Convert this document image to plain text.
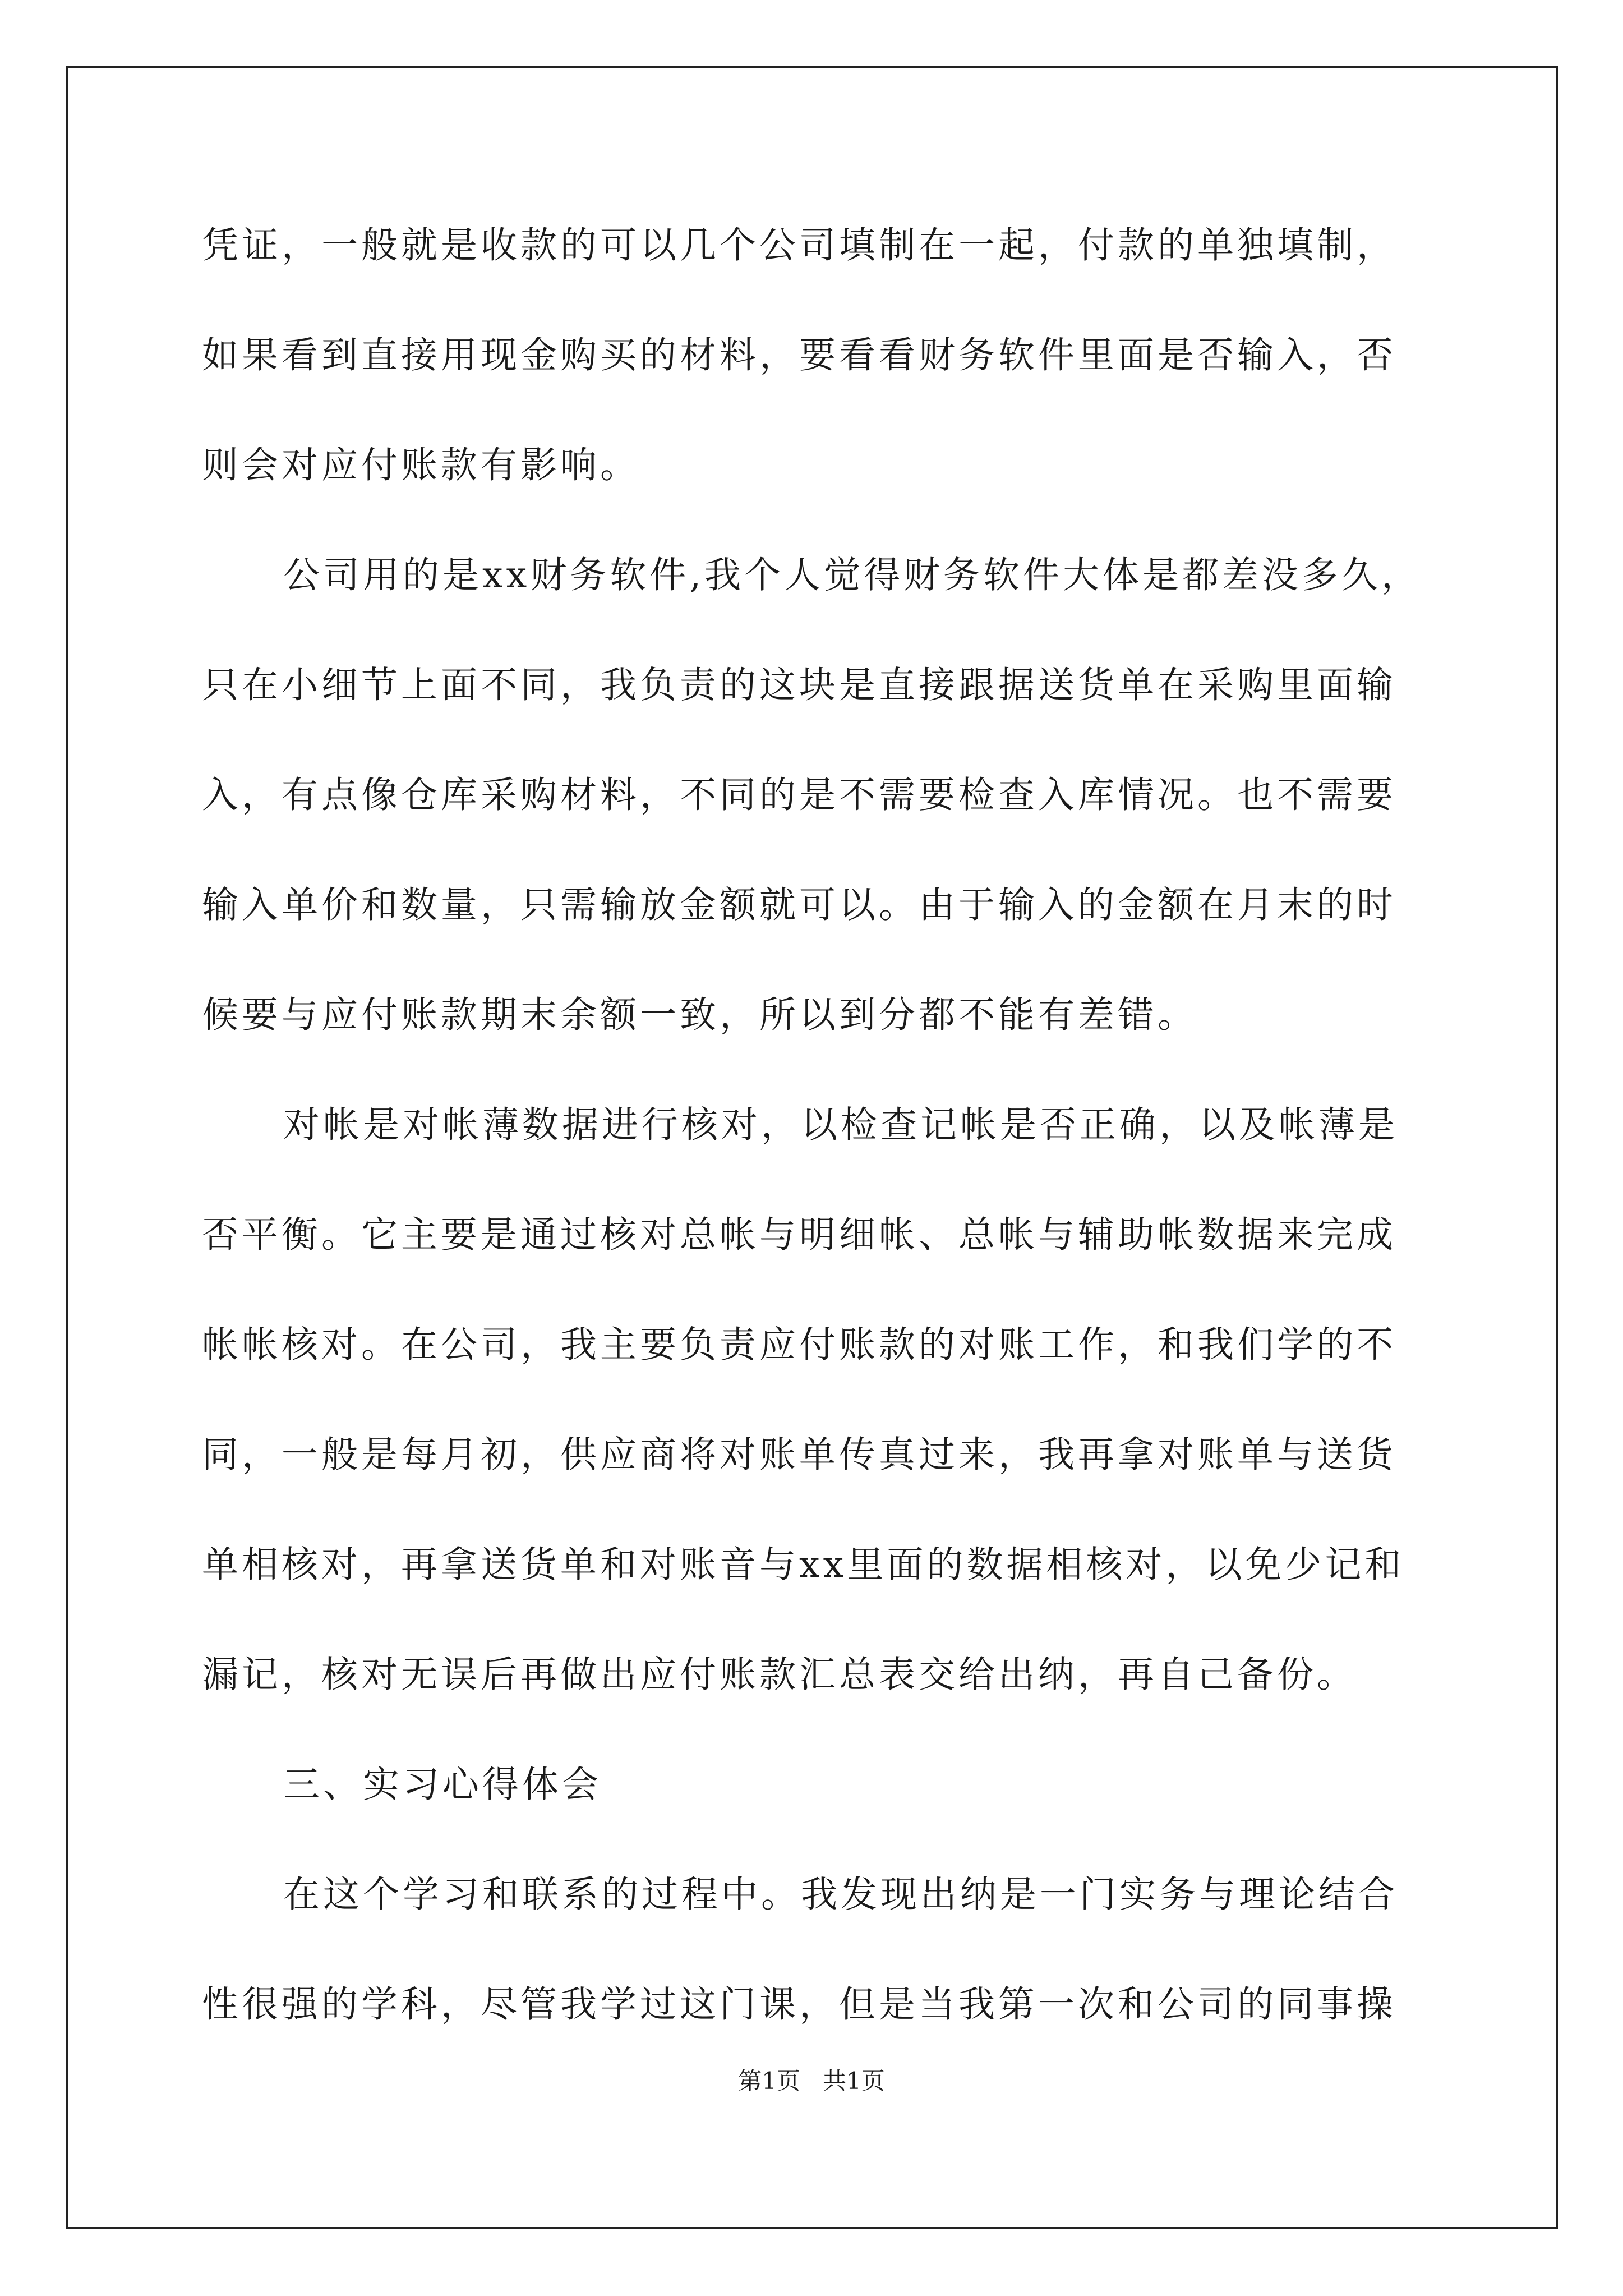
凭证，一般就是收款的可以几个公司填制在一起，付款的单独填制，
如果看到直接用现金购买的材料，要看看财务软件里面是否输入，否
则会对应付账款有影响。
公司用的是xx财务软件,我个人觉得财务软件大体是都差没多久，
只在小细节上面不同，我负责的这块是直接跟据送货单在采购里面输
入，有点像仓库采购材料，不同的是不需要检查入库情况。也不需要
输入单价和数量，只需输放金额就可以。由于输入的金额在月末的时
候要与应付账款期末余额一致，所以到分都不能有差错。
对帐是对帐薄数据进行核对，以检查记帐是否正确，以及帐薄是
否平衡。它主要是通过核对总帐与明细帐、总帐与辅助帐数据来完成
帐帐核对。在公司，我主要负责应付账款的对账工作，和我们学的不
同，一般是每月初，供应商将对账单传真过来，我再拿对账单与送货
单相核对，再拿送货单和对账音与xx里面的数据相核对，以免少记和
漏记，核对无误后再做出应付账款汇总表交给出纳，再自己备份。
三、实习心得体会
在这个学习和联系的过程中。我发现出纳是一门实务与理论结合
性很强的学科，尽管我学过这门课，但是当我第一次和公司的同事操
第1页   共1页
